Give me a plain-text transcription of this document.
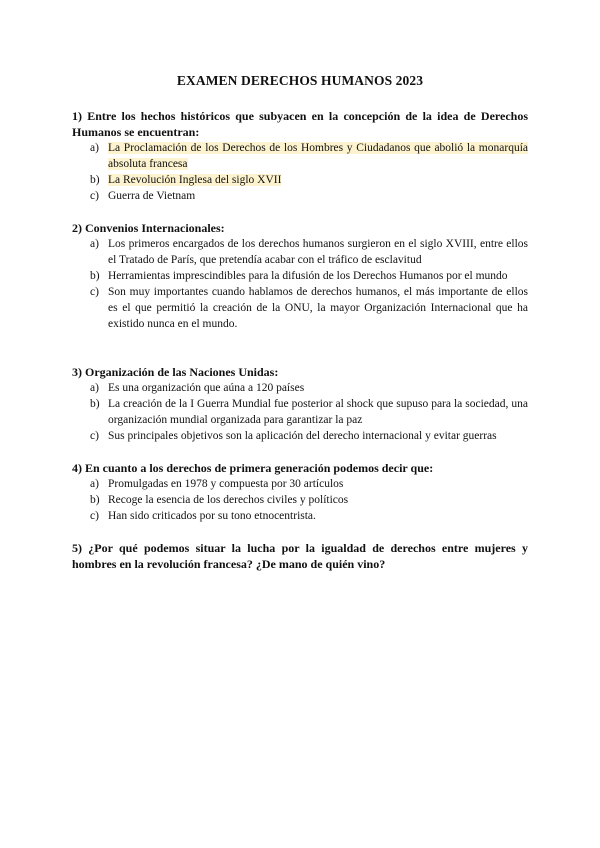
EXAMEN DERECHOS HUMANOS 2023
1) Entre los hechos históricos que subyacen en la concepción de la idea de Derechos Humanos se encuentran:
a) La Proclamación de los Derechos de los Hombres y Ciudadanos que abolió la monarquía absoluta francesa
b) La Revolución Inglesa del siglo XVII
c) Guerra de Vietnam
2) Convenios Internacionales:
a) Los primeros encargados de los derechos humanos surgieron en el siglo XVIII, entre ellos el Tratado de París, que pretendía acabar con el tráfico de esclavitud
b) Herramientas imprescindibles para la difusión de los Derechos Humanos por el mundo
c) Son muy importantes cuando hablamos de derechos humanos, el más importante de ellos es el que permitió la creación de la ONU, la mayor Organización Internacional que ha existido nunca en el mundo.
3) Organización de las Naciones Unidas:
a) Es una organización que aúna a 120 países
b) La creación de la I Guerra Mundial fue posterior al shock que supuso para la sociedad, una organización mundial organizada para garantizar la paz
c) Sus principales objetivos son la aplicación del derecho internacional y evitar guerras
4) En cuanto a los derechos de primera generación podemos decir que:
a) Promulgadas en 1978 y compuesta por 30 artículos
b) Recoge la esencia de los derechos civiles y políticos
c) Han sido criticados por su tono etnocentrista.
5) ¿Por qué podemos situar la lucha por la igualdad de derechos entre mujeres y hombres en la revolución francesa? ¿De mano de quién vino?
